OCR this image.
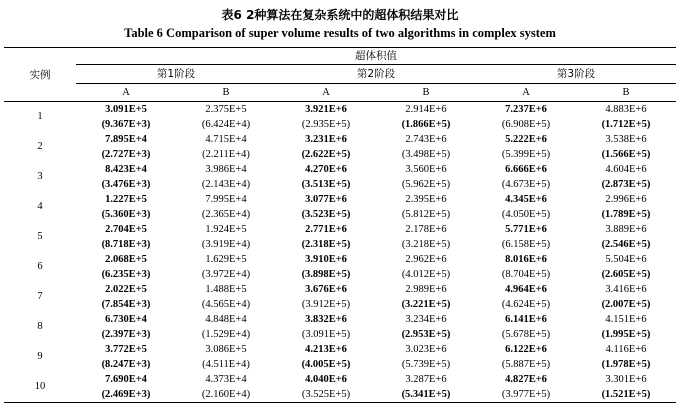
表6 2种算法在复杂系统中的超体积结果对比
Table 6 Comparison of super volume results of two algorithms in complex system
实例	超体积值					
	第1阶段		第2阶段		第3阶段	
	A	B	A	B	A	B
1	3.091E+5	2.375E+5	3.921E+6	2.914E+6	7.237E+6	4.883E+6
	(9.367E+3)	(6.424E+4)	(2.935E+5)	(1.866E+5)	(6.908E+5)	(1.712E+5)
2	7.895E+4	4.715E+4	3.231E+6	2.743E+6	5.222E+6	3.538E+6
	(2.727E+3)	(2.211E+4)	(2.622E+5)	(3.498E+5)	(5.399E+5)	(1.566E+5)
3	8.423E+4	3.986E+4	4.270E+6	3.560E+6	6.666E+6	4.604E+6
	(3.476E+3)	(2.143E+4)	(3.513E+5)	(5.962E+5)	(4.673E+5)	(2.873E+5)
4	1.227E+5	7.995E+4	3.077E+6	2.395E+6	4.345E+6	2.996E+6
	(5.360E+3)	(2.365E+4)	(3.523E+5)	(5.812E+5)	(4.050E+5)	(1.789E+5)
5	2.704E+5	1.924E+5	2.771E+6	2.178E+6	5.771E+6	3.889E+6
	(8.718E+3)	(3.919E+4)	(2.318E+5)	(3.218E+5)	(6.158E+5)	(2.546E+5)
6	2.068E+5	1.629E+5	3.910E+6	2.962E+6	8.016E+6	5.504E+6
	(6.235E+3)	(3.972E+4)	(3.898E+5)	(4.012E+5)	(8.704E+5)	(2.605E+5)
7	2.022E+5	1.488E+5	3.676E+6	2.989E+6	4.964E+6	3.416E+6
	(7.854E+3)	(4.565E+4)	(3.912E+5)	(3.221E+5)	(4.624E+5)	(2.007E+5)
8	6.730E+4	4.848E+4	3.832E+6	3.234E+6	6.141E+6	4.151E+6
	(2.397E+3)	(1.529E+4)	(3.091E+5)	(2.953E+5)	(5.678E+5)	(1.995E+5)
9	3.772E+5	3.086E+5	4.213E+6	3.023E+6	6.122E+6	4.116E+6
	(8.247E+3)	(4.511E+4)	(4.005E+5)	(5.739E+5)	(5.887E+5)	(1.978E+5)
10	7.690E+4	4.373E+4	4.040E+6	3.287E+6	4.827E+6	3.301E+6
	(2.469E+3)	(2.160E+4)	(3.525E+5)	(5.341E+5)	(3.977E+5)	(1.521E+5)
